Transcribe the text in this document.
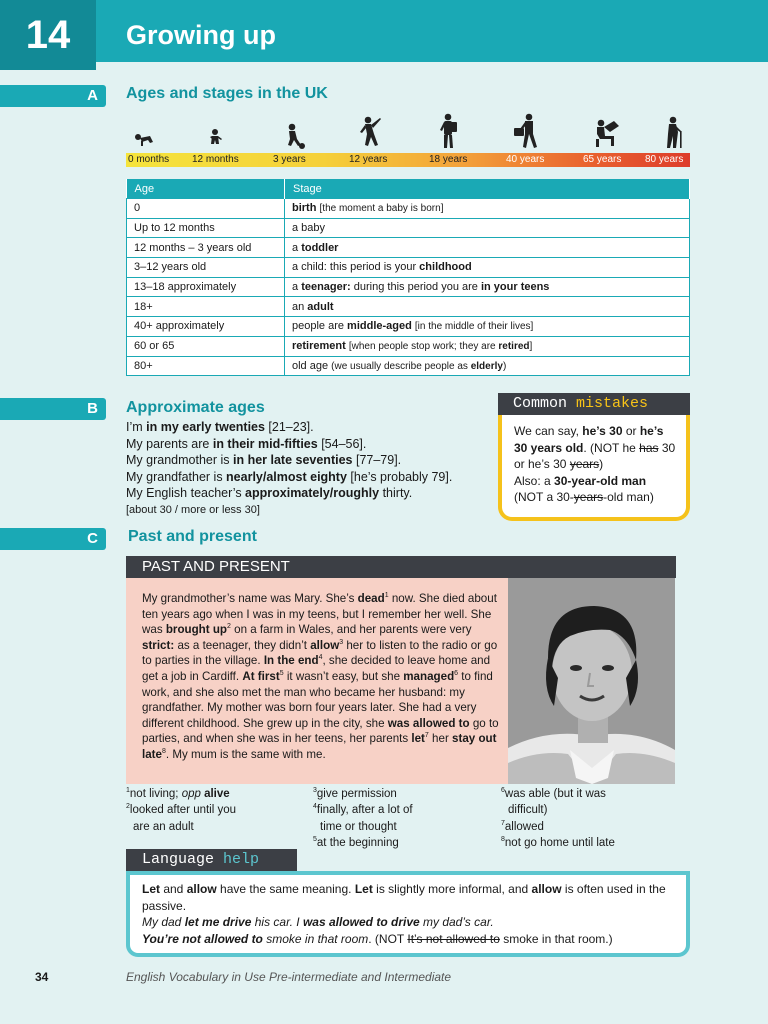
14	Growing up
A	Ages and stages in the UK
0 months 12 months	3 years	12 years	18 years	40 years	65 years 80 years
Age	Stage
0	birth [the moment a baby is born]
Up to 12 months	a baby
12 months – 3 years old	a toddler
3–12 years old	a child: this period is your childhood
13–18 approximately	a teenager: during this period you are in your teens
18+	an adult
40+ approximately	people are middle-aged [in the middle of their lives]
60 or 65	retirement [when people stop work; they are retired]
80+	old age (we usually describe people as elderly)
B	Approximate ages
I’m in my early twenties [21–23].
My parents are in their mid-fifties [54–56].
My grandmother is in her late seventies [77–79].
My grandfather is nearly/almost eighty [he’s probably 79].
My English teacher’s approximately/roughly thirty.
[about 30 / more or less 30]
Common mistakes
We can say, he’s 30 or he’s 30 years old. (NOT he has 30 or he’s 30 years)
Also: a 30-year-old man
(NOT a 30-years-old man)
C	Past and present
PAST AND PRESENT
My grandmother’s name was Mary. She’s dead$^1$ now. She died about ten years ago when I was in my teens, but I remember her well. She was brought $up^2$ on a farm in Wales, and her parents were very strict: as a teenager, they didn’t allow$^3$ her to listen to the radio or go to parties in the village. In the end$^4$, she decided to leave home and get a job in Cardiff. At first$^5$ it wasn’t easy, but she managed$^6$ to find work, and she also met the man who became her husband: my grandfather. My mother was born four years later. She had a very different childhood. She grew up in the city, she was allowed to go to parties, and when she was in her teens, her parents let$^7$ her stay out late$^8$. My mum is the same with me.
$^1$not living; opp alive
$^2$looked after until you
are an adult
$^3$give permission
$^4$finally, after a lot of
time or thought
$^5$at the beginning
$^6$was able (but it was
difficult)
$^7$allowed
$^8$not go home until late
Language help
Let and allow have the same meaning. Let is slightly more informal, and allow is often used in the passive.
My dad let me drive his car. I was allowed to drive my dad’s car.
You’re not allowed to smoke in that room. (NOT It’s not allowed to smoke in that room.)
34	English Vocabulary in Use Pre-intermediate and Intermediate
